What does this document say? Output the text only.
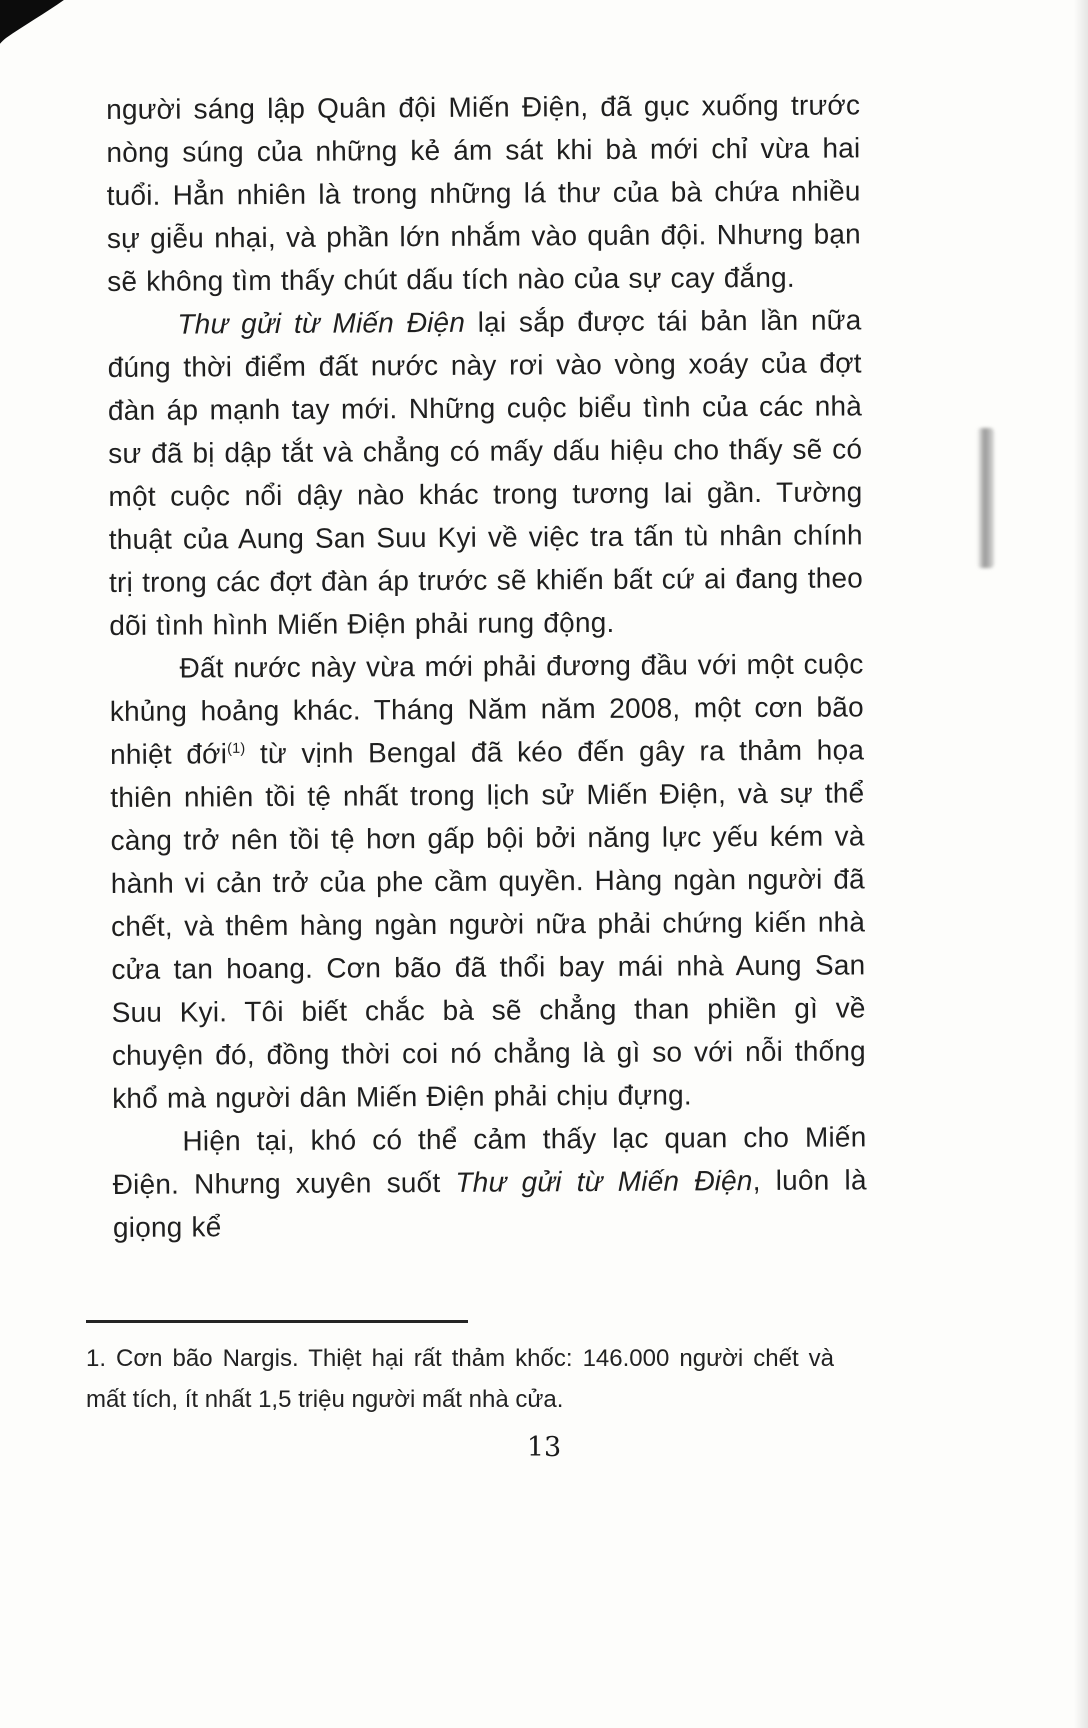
người sáng lập Quân đội Miến Điện, đã gục xuống trước nòng súng của những kẻ ám sát khi bà mới chỉ vừa hai tuổi. Hẳn nhiên là trong những lá thư của bà chứa nhiều sự giễu nhại, và phần lớn nhắm vào quân đội. Nhưng bạn sẽ không tìm thấy chút dấu tích nào của sự cay đắng.

Thư gửi từ Miến Điện lại sắp được tái bản lần nữa đúng thời điểm đất nước này rơi vào vòng xoáy của đợt đàn áp mạnh tay mới. Những cuộc biểu tình của các nhà sư đã bị dập tắt và chẳng có mấy dấu hiệu cho thấy sẽ có một cuộc nổi dậy nào khác trong tương lai gần. Tường thuật của Aung San Suu Kyi về việc tra tấn tù nhân chính trị trong các đợt đàn áp trước sẽ khiến bất cứ ai đang theo dõi tình hình Miến Điện phải rung động.

Đất nước này vừa mới phải đương đầu với một cuộc khủng hoảng khác. Tháng Năm năm 2008, một cơn bão nhiệt đới$^{(1)}$ từ vịnh Bengal đã kéo đến gây ra thảm họa thiên nhiên tồi tệ nhất trong lịch sử Miến Điện, và sự thể càng trở nên tồi tệ hơn gấp bội bởi năng lực yếu kém và hành vi cản trở của phe cầm quyền. Hàng ngàn người đã chết, và thêm hàng ngàn người nữa phải chứng kiến nhà cửa tan hoang. Cơn bão đã thổi bay mái nhà Aung San Suu Kyi. Tôi biết chắc bà sẽ chẳng than phiền gì về chuyện đó, đồng thời coi nó chẳng là gì so với nỗi thống khổ mà người dân Miến Điện phải chịu đựng.

Hiện tại, khó có thể cảm thấy lạc quan cho Miến Điện. Nhưng xuyên suốt Thư gửi từ Miến Điện, luôn là giọng kể

1. Cơn bão Nargis. Thiệt hại rất thảm khốc: 146.000 người chết và mất tích, ít nhất 1,5 triệu người mất nhà cửa.

13
